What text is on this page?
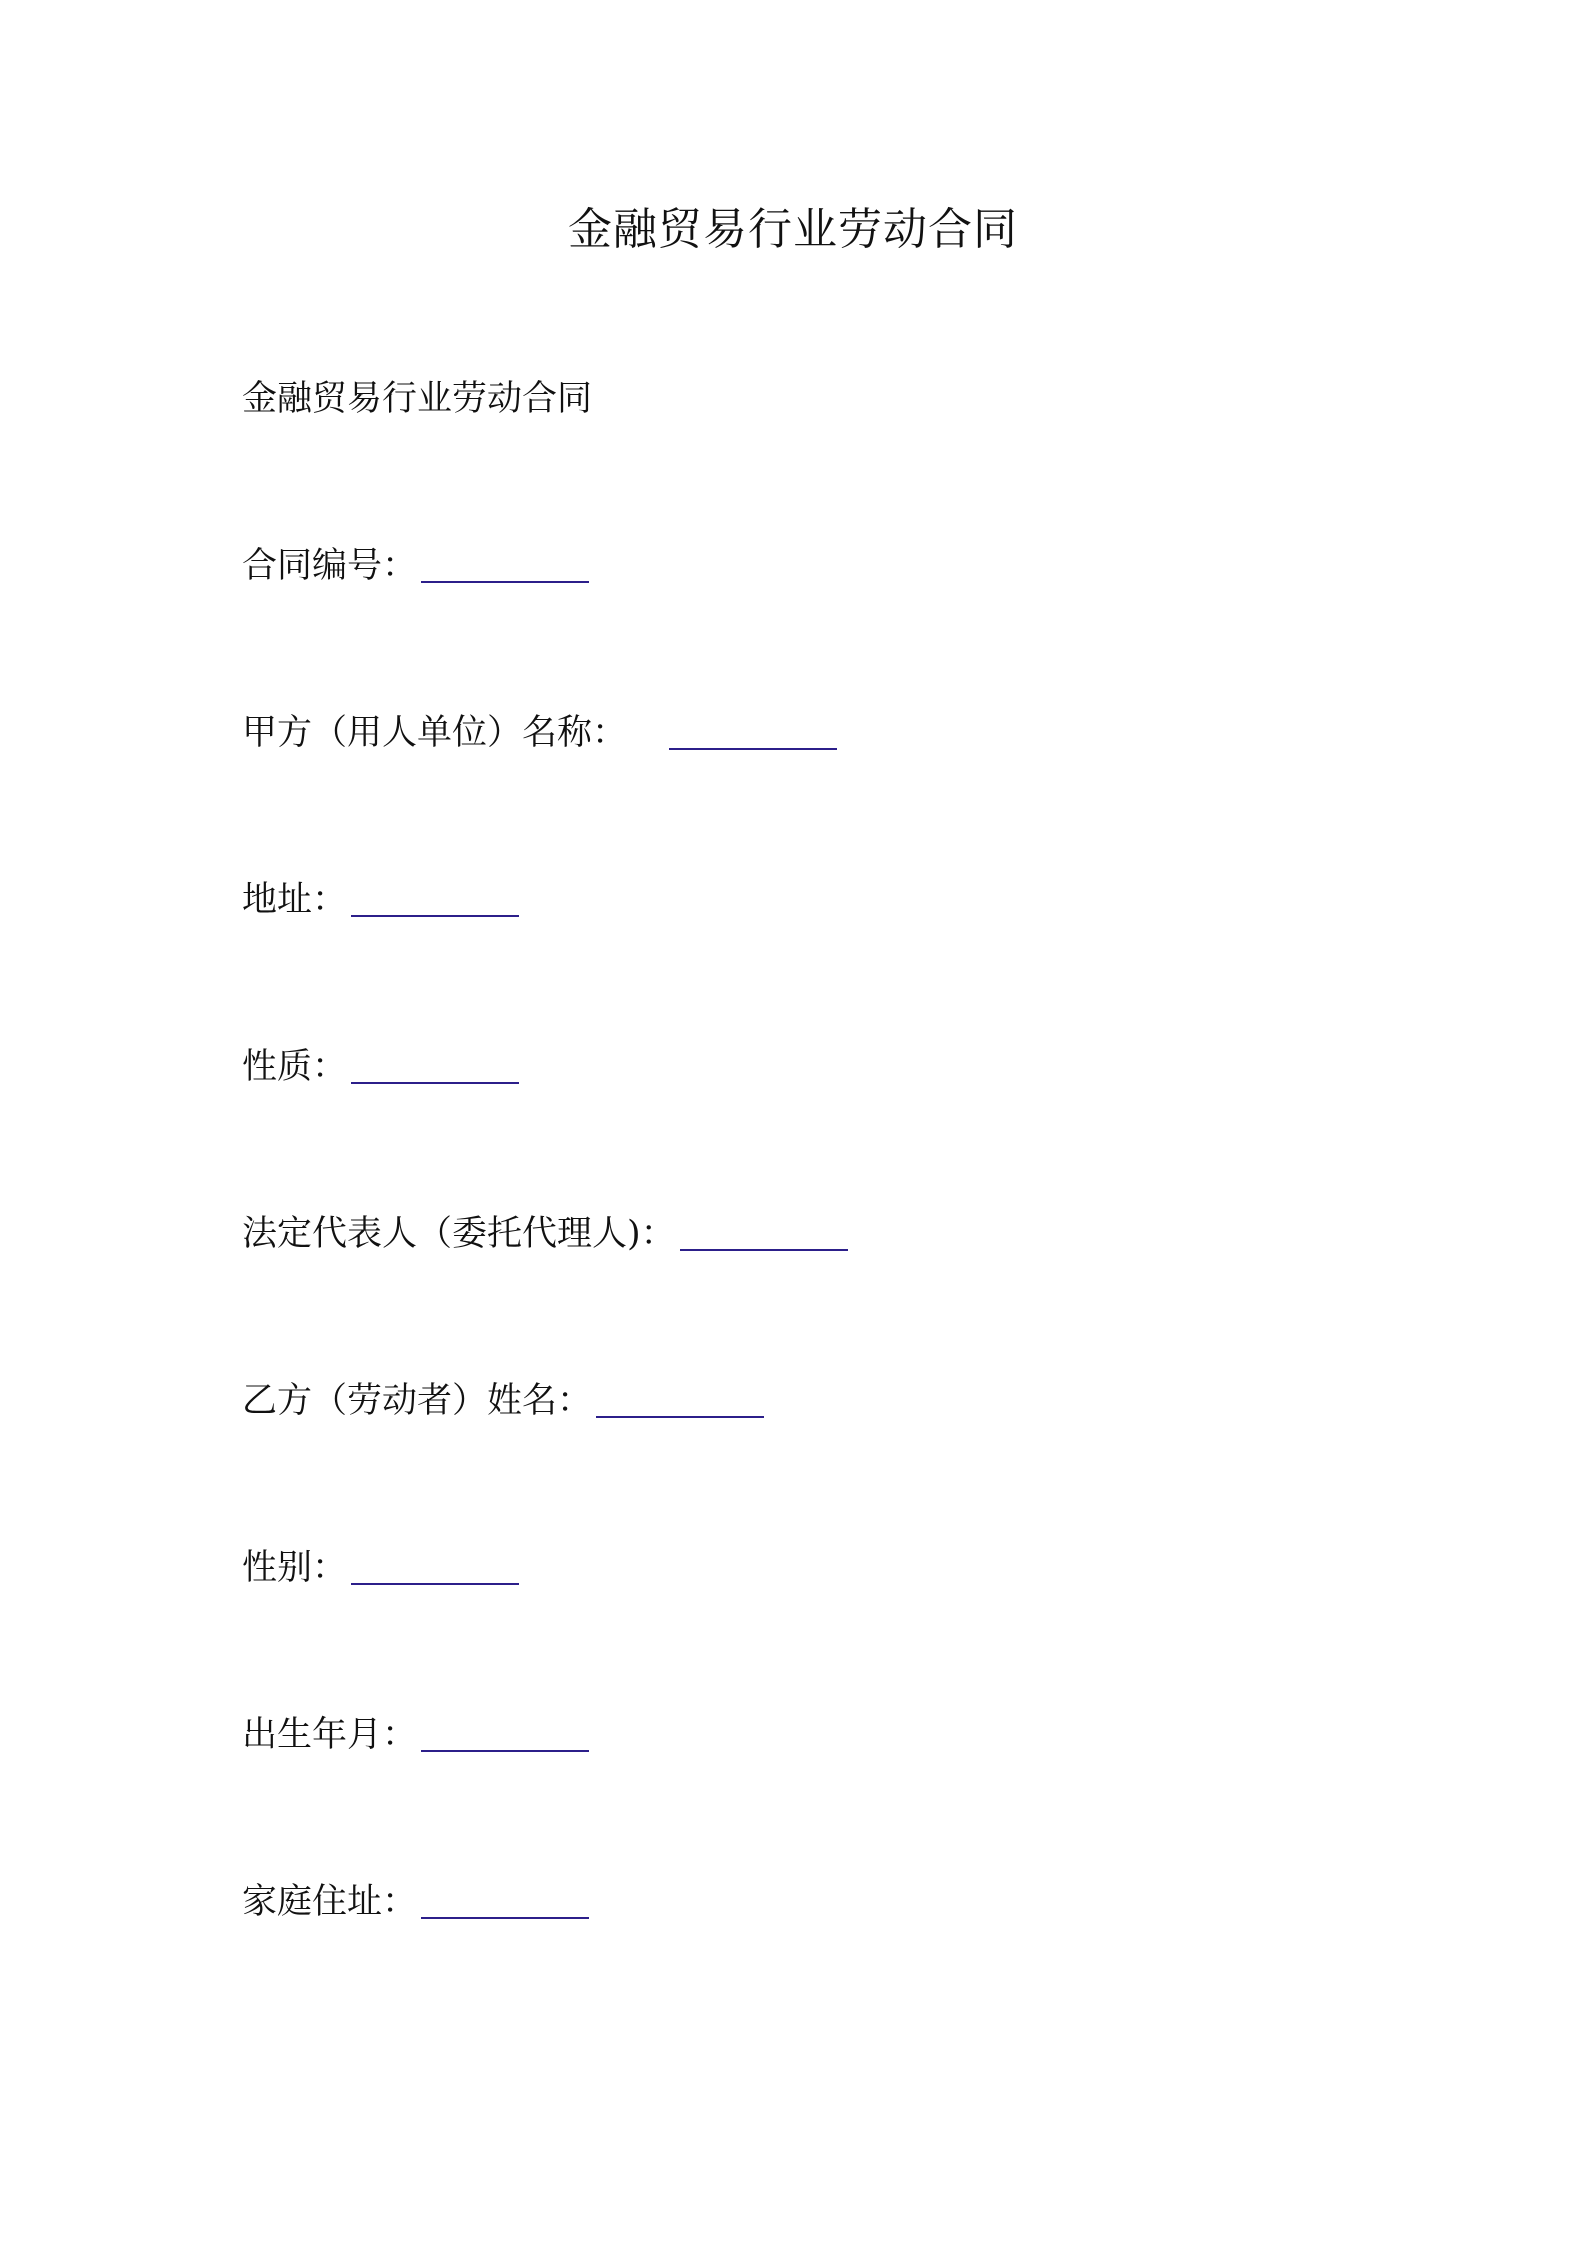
金融贸易行业劳动合同
金融贸易行业劳动合同
合同编号：
甲方（用人单位）名称：
地址：
性质：
法定代表人（委托代理人)：
乙方（劳动者）姓名：
性别：
出生年月：
家庭住址：
